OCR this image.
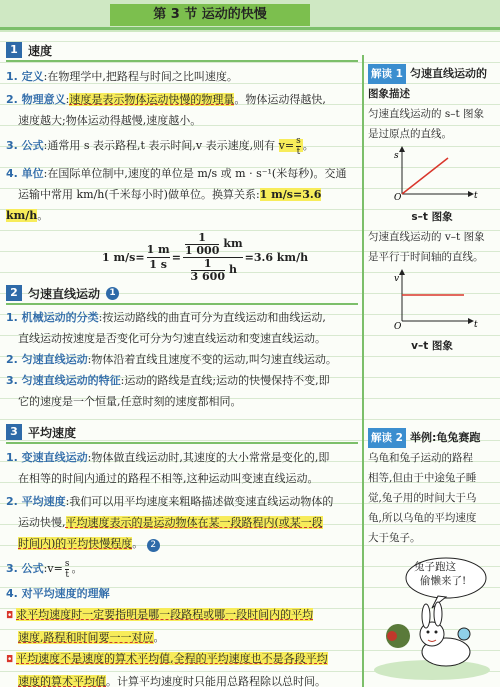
第 3 节 运动的快慢
1 速度
1. 定义:在物理学中,把路程与时间之比叫速度。
2. 物理意义:速度是表示物体运动快慢的物理量。物体运动得越快,
速度越大;物体运动得越慢,速度越小。
3. 公式:通常用 s 表示路程,t 表示时间,v 表示速度,则有 $v= \frac{s}{t}$ 。
4. 单位:在国际单位制中,速度的单位是 m/s 或 m · s⁻¹(米每秒)。交通
运输中常用 km/h(千米每小时)做单位。换算关系:1 m/s=3.6 km/h。
1 $m/s= \frac{1 m}{1 s} = \frac{\frac{1}{1 000} km}{\frac{1}{3 600} h} =3.6$ km/h
2 匀速直线运动	1
1. 机械运动的分类:按运动路线的曲直可分为直线运动和曲线运动,
直线运动按速度是否变化可分为匀速直线运动和变速直线运动。
2. 匀速直线运动:物体沿着直线且速度不变的运动,叫匀速直线运动。
3. 匀速直线运动的特征:运动的路线是直线;运动的快慢保持不变,即
它的速度是一个恒量,任意时刻的速度都相同。
3 平均速度
1. 变速直线运动:物体做直线运动时,其速度的大小常常是变化的,即
在相等的时间内通过的路程不相等,这种运动叫变速直线运动。
2. 平均速度:我们可以用平均速度来粗略描述做变速直线运动物体的
运动快慢,平均速度表示的是运动物体在某一段路程内(或某一段
时间内)的平均快慢程度。 2
3. 公式:v= $\frac{s}{t}$ 。
4. 对平均速度的理解
◘ 求平均速度时一定要指明是哪一段路程或哪一段时间内的平均
速度,路程和时间要一一对应。
◘ 平均速度不是速度的算术平均值,全程的平均速度也不是各段平均
速度的算术平均值。计算平均速度时只能用总路程除以总时间。
解读 1 匀速直线运动的
图象描述
匀速直线运动的 s–t 图象
是过原点的直线。
s
t
O
s–t 图象
匀速直线运动的 v–t 图象
是平行于时间轴的直线。
v
t
O
v–t 图象
解读 2 举例:龟兔赛跑
乌龟和兔子运动的路程
相等,但由于中途兔子睡
觉,兔子用的时间大于乌
龟,所以乌龟的平均速度
大于兔子。
兔子跑这
偷懒来了!
